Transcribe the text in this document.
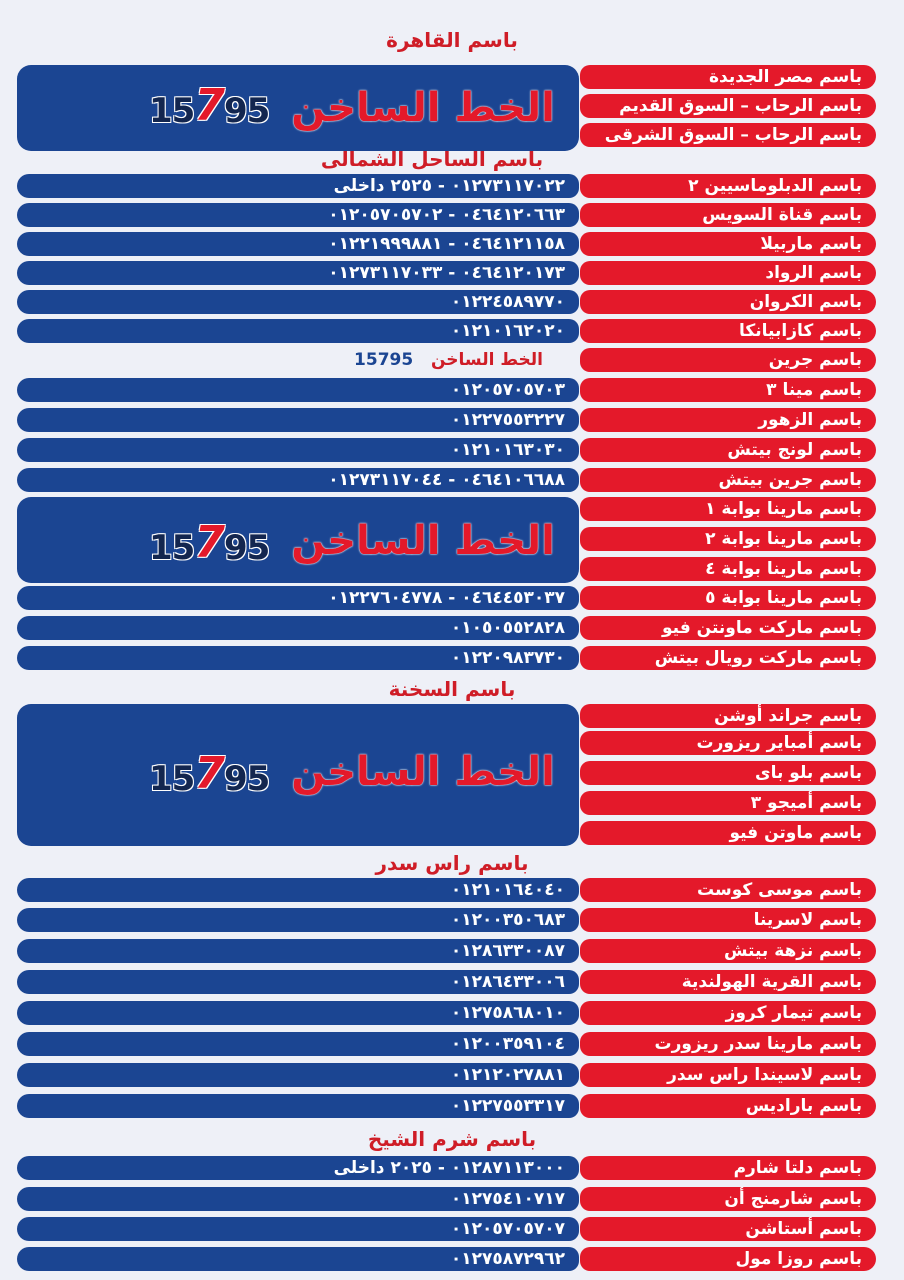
باسم القاهرة
15795 الخط الساخن
باسم مصر الجديدة
باسم الرحاب – السوق القديم
باسم الرحاب – السوق الشرقى
باسم الساحل الشمالى
٠١٢٧٣١١٧٠٢٢ - ٢٥٢٥ داخلى	باسم الدبلوماسيين ٢
٠٤٦٤١٢٠٦٦٣ - ٠١٢٠٥٧٠٥٧٠٢	باسم قناة السويس
٠٤٦٤١٢١١٥٨ - ٠١٢٢١٩٩٩٨٨١	باسم ماربيلا
٠٤٦٤١٢٠١٧٣ - ٠١٢٧٣١١٧٠٣٣	باسم الرواد
٠١٢٢٤٥٨٩٧٧٠	باسم الكروان
٠١٢١٠١٦٢٠٢٠	باسم كازابيانكا
الخط الساخن   15795	باسم جرين
٠١٢٠٥٧٠٥٧٠٣	باسم مينا ٣
٠١٢٢٧٥٥٣٢٢٧	باسم الزهور
٠١٢١٠١٦٣٠٣٠	باسم لونج بيتش
٠٤٦٤١٠٦٦٨٨ - ٠١٢٧٣١١٧٠٤٤	باسم جرين بيتش
15795 الخط الساخن
باسم مارينا بوابة ١
باسم مارينا بوابة ٢
باسم مارينا بوابة ٤
٠٤٦٤٤٥٣٠٣٧ - ٠١٢٢٧٦٠٤٧٧٨	باسم مارينا بوابة ٥
٠١٠٥٠٥٥٢٨٢٨	باسم ماركت ماونتن فيو
٠١٢٢٠٩٨٣٧٣٠	باسم ماركت رويال بيتش
باسم السخنة
15795 الخط الساخن
باسم جراند أوشن
باسم أمباير ريزورت
باسم بلو باى
باسم أميجو ٣
باسم ماوتن فيو
باسم راس سدر
٠١٢١٠١٦٤٠٤٠	باسم موسى كوست
٠١٢٠٠٣٥٠٦٨٣	باسم لاسرينا
٠١٢٨٦٣٣٠٠٨٧	باسم نزهة بيتش
٠١٢٨٦٤٣٣٠٠٦	باسم القرية الهولندية
٠١٢٧٥٨٦٨٠١٠	باسم تيمار كروز
٠١٢٠٠٣٥٩١٠٤	باسم مارينا سدر ريزورت
٠١٢١٢٠٢٧٨٨١	باسم لاسيندا راس سدر
٠١٢٢٧٥٥٣٣١٧	باسم باراديس
باسم شرم الشيخ
٠١٢٨٧١١٣٠٠٠ - ٢٠٢٥ داخلى	باسم دلتا شارم
٠١٢٧٥٤١٠٧١٧	باسم شارمنج أن
٠١٢٠٥٧٠٥٧٠٧	باسم أستاشن
٠١٢٧٥٨٧٢٩٦٢	باسم روزا مول
